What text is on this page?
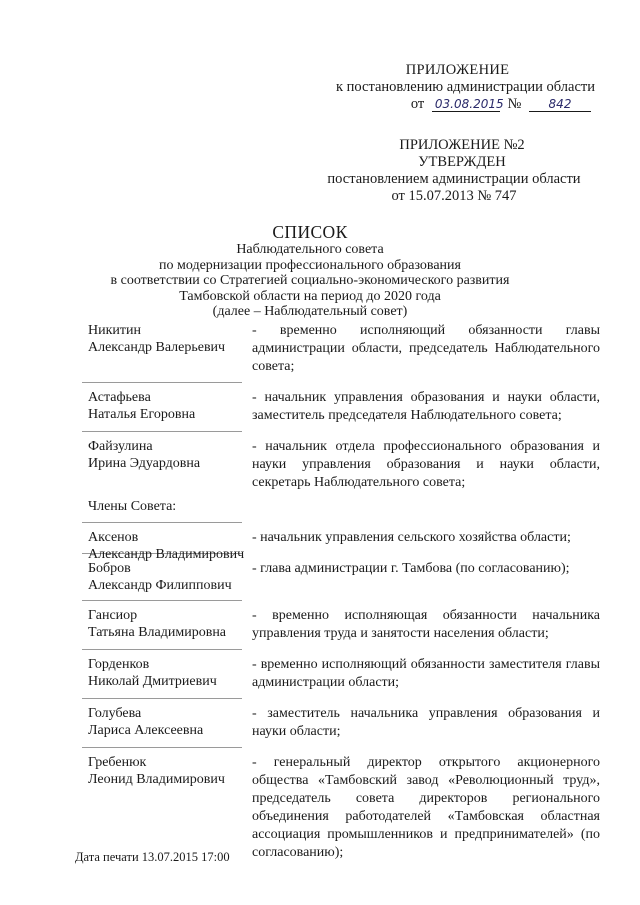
ПРИЛОЖЕНИЕ
к постановлению администрации области
от 03.08.2015 № 842
ПРИЛОЖЕНИЕ №2
УТВЕРЖДЕН
постановлением администрации области
от 15.07.2013 № 747
СПИСОК
Наблюдательного совета
по модернизации профессионального образования
в соответствии со Стратегией социально-экономического развития
Тамбовской области на период до 2020 года
(далее – Наблюдательный совет)
Никитин
Александр Валерьевич
- временно исполняющий обязанности главы администрации области, председатель Наблюдательного совета;
Астафьева
Наталья Егоровна
- начальник управления образования и науки области, заместитель председателя Наблюдательного совета;
Файзулина
Ирина Эдуардовна
- начальник отдела профессионального образования и науки управления образования и науки области, секретарь Наблюдательного совета;
Члены Совета:
Аксенов
Александр Владимирович
- начальник управления сельского хозяйства области;
Бобров
Александр Филиппович
- глава администрации г. Тамбова (по согласованию);
Гансиор
Татьяна Владимировна
- временно исполняющая обязанности начальника управления труда и занятости населения области;
Горденков
Николай Дмитриевич
- временно исполняющий обязанности заместителя главы администрации области;
Голубева
Лариса Алексеевна
- заместитель начальника управления образования и науки области;
Гребенюк
Леонид Владимирович
- генеральный директор открытого акционерного общества «Тамбовский завод «Революционный труд», председатель совета директоров регионального объединения работодателей «Тамбовская областная ассоциация промышленников и предпринимателей» (по согласованию);
Дата печати 13.07.2015 17:00
